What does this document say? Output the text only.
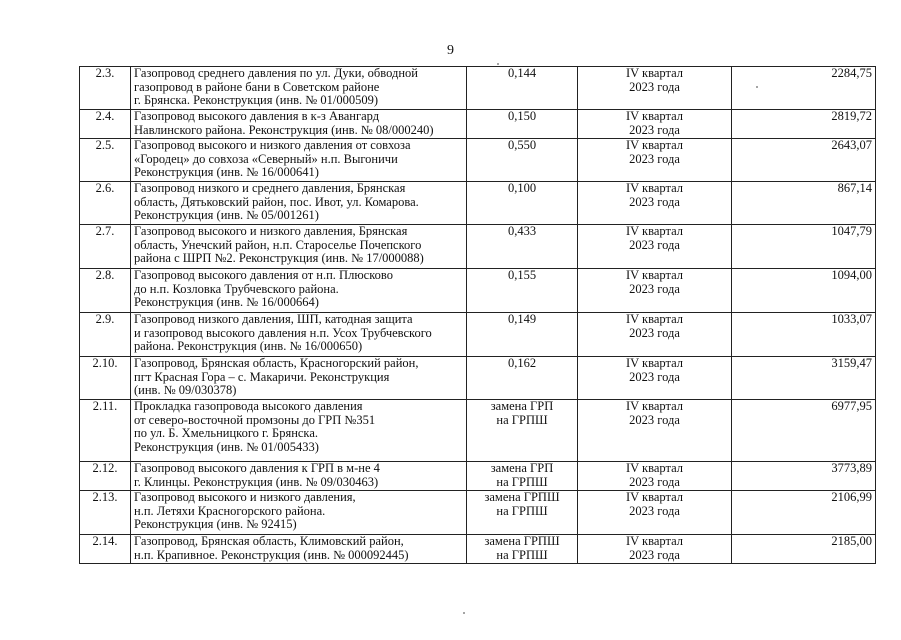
9
2.3.	Газопровод среднего давления по ул. Дуки, обводной
газопровод в районе бани в Советском районе
г. Брянска. Реконструкция (инв. № 01/000509)	0,144	IV квартал
2023 года	2284,75
2.4.	Газопровод высокого давления в к-з Авангард
Навлинского района. Реконструкция (инв. № 08/000240)	0,150	IV квартал
2023 года	2819,72
2.5.	Газопровод высокого и низкого давления от совхоза
«Городец» до совхоза «Северный» н.п. Выгоничи
Реконструкция (инв. № 16/000641)	0,550	IV квартал
2023 года	2643,07
2.6.	Газопровод низкого и среднего давления, Брянская
область, Дятьковский район, пос. Ивот, ул. Комарова.
Реконструкция (инв. № 05/001261)	0,100	IV квартал
2023 года	867,14
2.7.	Газопровод высокого и низкого давления, Брянская
область, Унечский район, н.п. Староселье Почепского
района с ШРП №2. Реконструкция (инв. № 17/000088)	0,433	IV квартал
2023 года	1047,79
2.8.	Газопровод высокого давления от н.п. Плюсково
до н.п. Козловка Трубчевского района.
Реконструкция (инв. № 16/000664)	0,155	IV квартал
2023 года	1094,00
2.9.	Газопровод низкого давления, ШП, катодная защита
и газопровод высокого давления н.п. Усох Трубчевского
района. Реконструкция (инв. № 16/000650)	0,149	IV квартал
2023 года	1033,07
2.10.	Газопровод, Брянская область, Красногорский район,
пгт Красная Гора – с. Макаричи. Реконструкция
(инв. № 09/030378)	0,162	IV квартал
2023 года	3159,47
2.11.	Прокладка газопровода высокого давления
от северо-восточной промзоны до ГРП №351
по ул. Б. Хмельницкого г. Брянска.
Реконструкция (инв. № 01/005433)	замена ГРП
на ГРПШ	IV квартал
2023 года	6977,95
2.12.	Газопровод высокого давления к ГРП в м-не 4
г. Клинцы. Реконструкция (инв. № 09/030463)	замена ГРП
на ГРПШ	IV квартал
2023 года	3773,89
2.13.	Газопровод высокого и низкого давления,
н.п. Летяхи Красногорского района.
Реконструкция (инв. № 92415)	замена ГРПШ
на ГРПШ	IV квартал
2023 года	2106,99
2.14.	Газопровод, Брянская область, Климовский район,
н.п. Крапивное. Реконструкция (инв. № 000092445)	замена ГРПШ
на ГРПШ	IV квартал
2023 года	2185,00
